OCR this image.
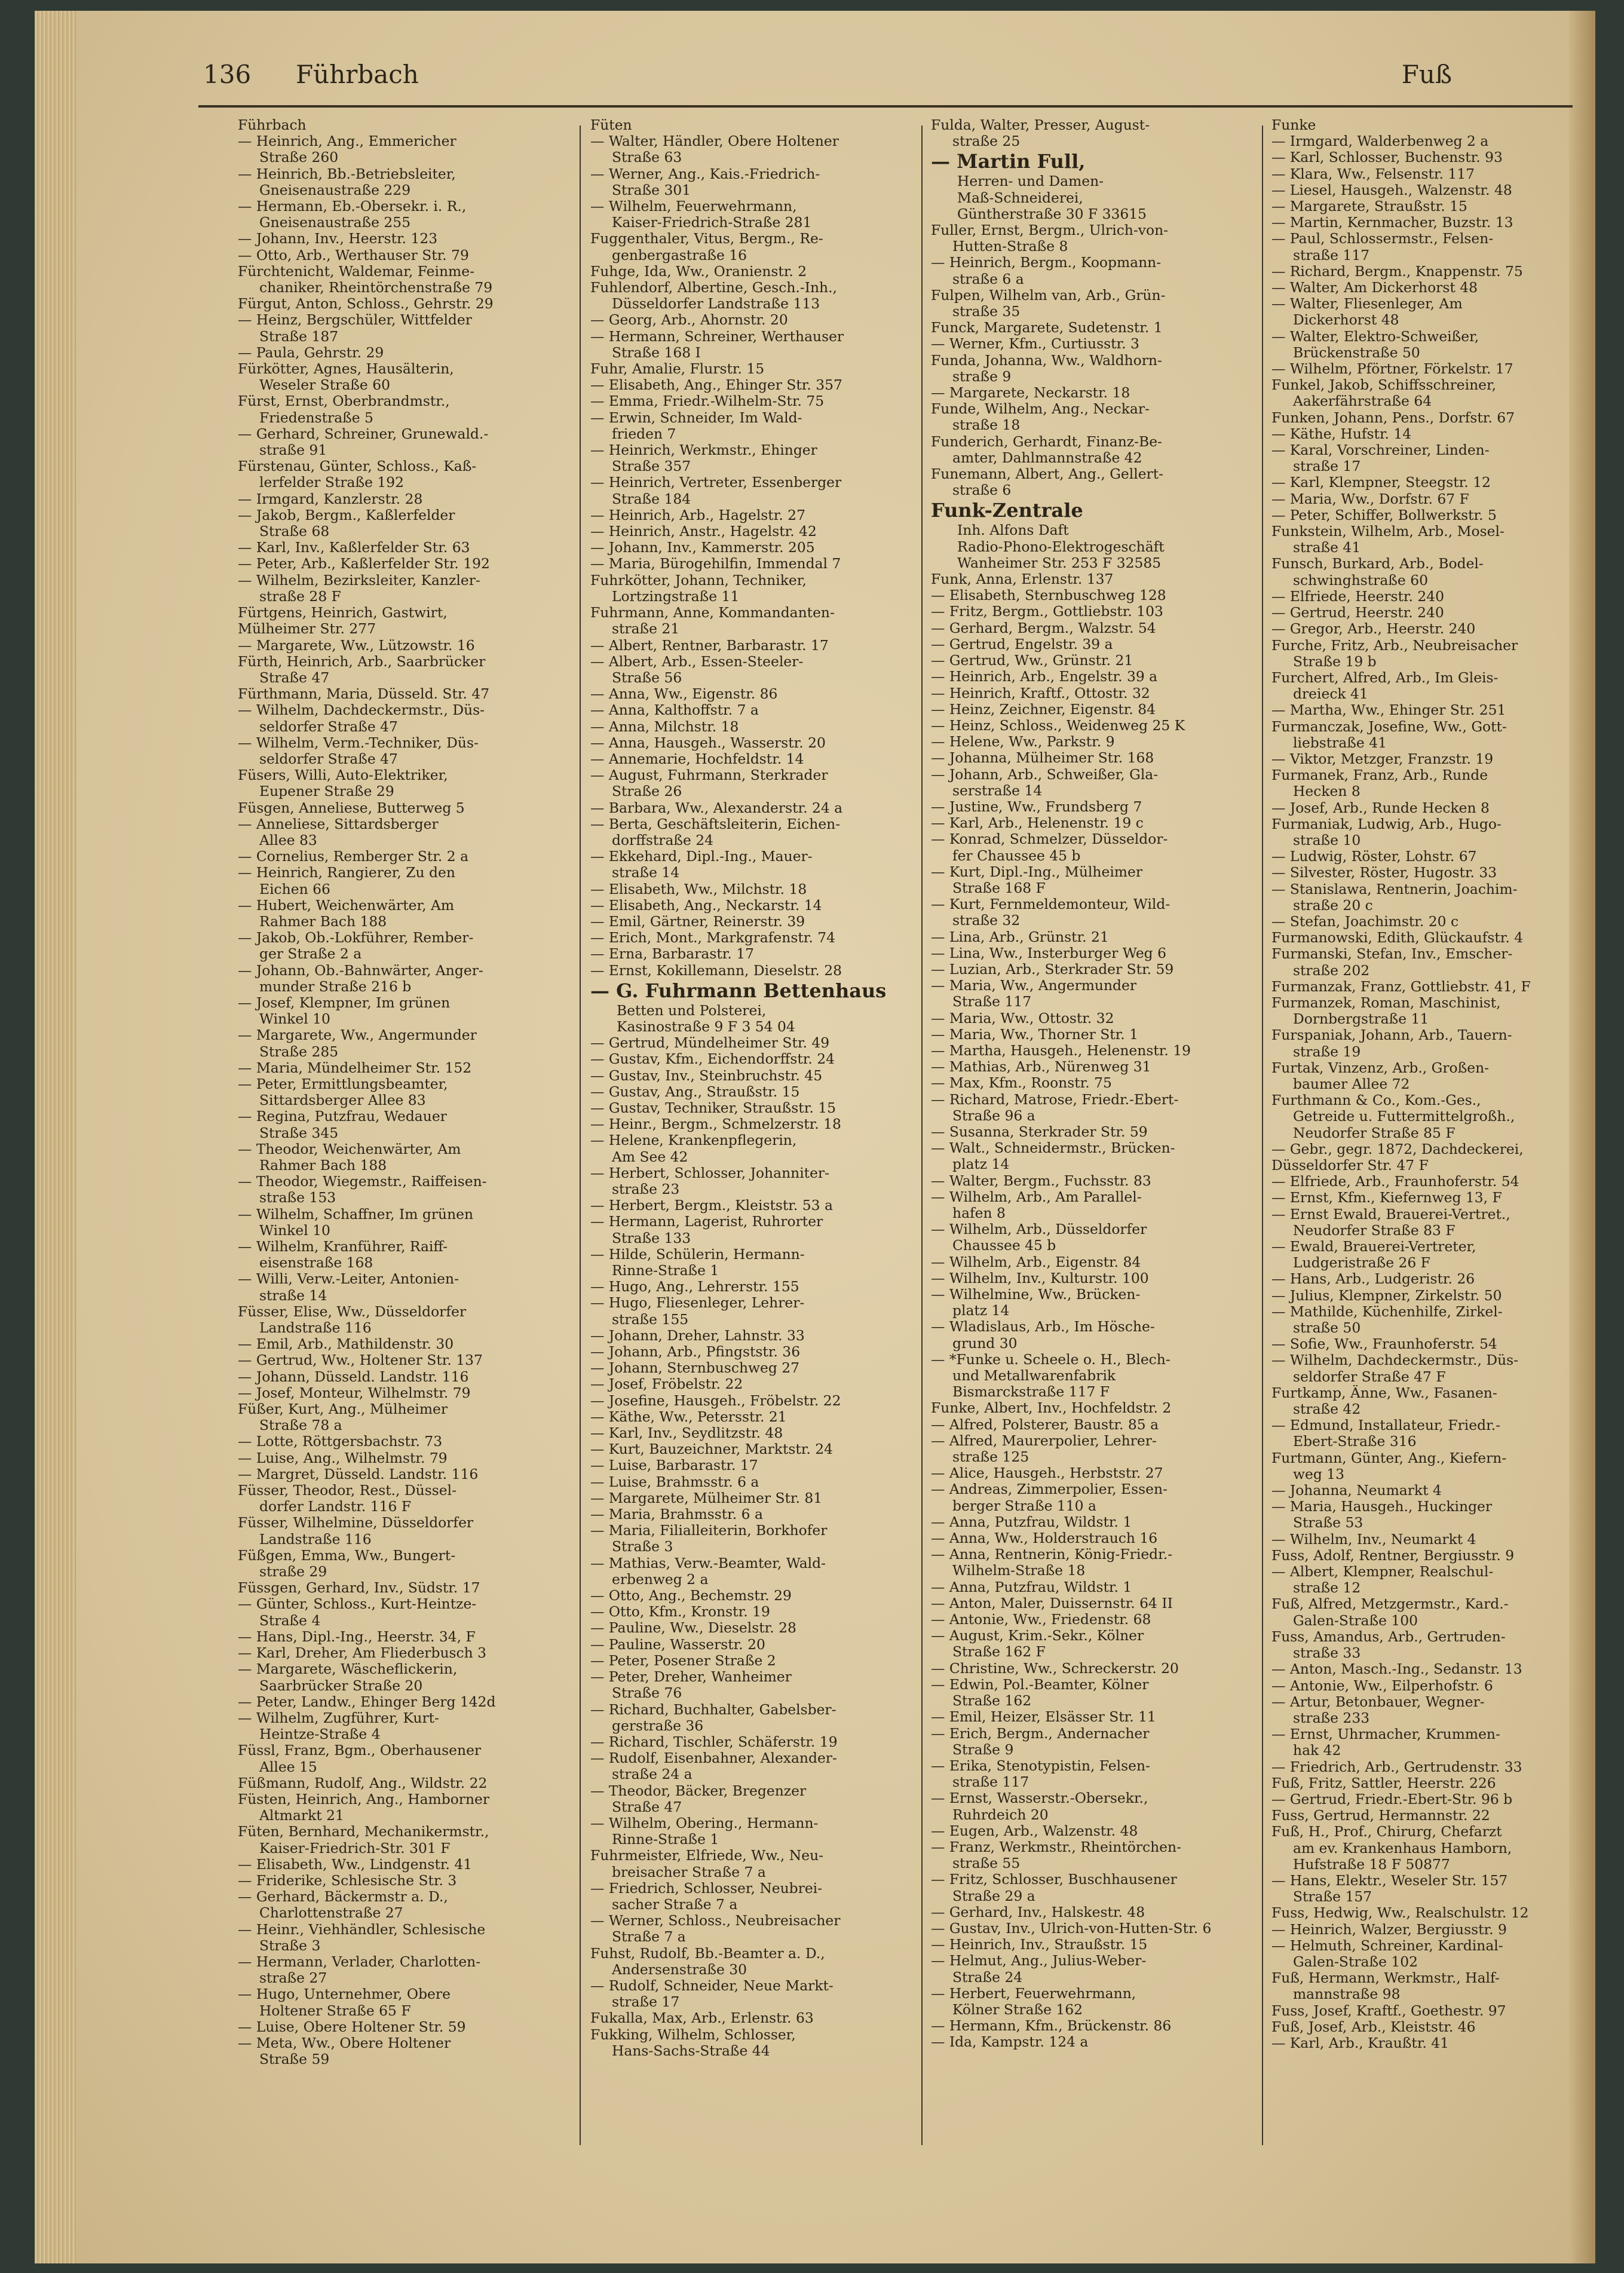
136 Führbach	Fuß
Führbach
— Heinrich, Ang., Emmericher
Straße 260
— Heinrich, Bb.-Betriebsleiter,
Gneisenaustraße 229
— Hermann, Eb.-Obersekr. i. R.,
Gneisenaustraße 255
— Johann, Inv., Heerstr. 123
— Otto, Arb., Werthauser Str. 79
Fürchtenicht, Waldemar, Feinme-
chaniker, Rheintörchenstraße 79
Fürgut, Anton, Schloss., Gehrstr. 29
— Heinz, Bergschüler, Wittfelder
Straße 187
— Paula, Gehrstr. 29
Fürkötter, Agnes, Hausälterin,
Weseler Straße 60
Fürst, Ernst, Oberbrandmstr.,
Friedenstraße 5
— Gerhard, Schreiner, Grunewald.-
straße 91
Fürstenau, Günter, Schloss., Kaß-
lerfelder Straße 192
— Irmgard, Kanzlerstr. 28
— Jakob, Bergm., Kaßlerfelder
Straße 68
— Karl, Inv., Kaßlerfelder Str. 63
— Peter, Arb., Kaßlerfelder Str. 192
— Wilhelm, Bezirksleiter, Kanzler-
straße 28 F
Fürtgens, Heinrich, Gastwirt,
Mülheimer Str. 277
— Margarete, Ww., Lützowstr. 16
Fürth, Heinrich, Arb., Saarbrücker
Straße 47
Fürthmann, Maria, Düsseld. Str. 47
— Wilhelm, Dachdeckermstr., Düs-
seldorfer Straße 47
— Wilhelm, Verm.-Techniker, Düs-
seldorfer Straße 47
Füsers, Willi, Auto-Elektriker,
Eupener Straße 29
Füsgen, Anneliese, Butterweg 5
— Anneliese, Sittardsberger
Allee 83
— Cornelius, Remberger Str. 2 a
— Heinrich, Rangierer, Zu den
Eichen 66
— Hubert, Weichenwärter, Am
Rahmer Bach 188
— Jakob, Ob.-Lokführer, Rember-
ger Straße 2 a
— Johann, Ob.-Bahnwärter, Anger-
munder Straße 216 b
— Josef, Klempner, Im grünen
Winkel 10
— Margarete, Ww., Angermunder
Straße 285
— Maria, Mündelheimer Str. 152
— Peter, Ermittlungsbeamter,
Sittardsberger Allee 83
— Regina, Putzfrau, Wedauer
Straße 345
— Theodor, Weichenwärter, Am
Rahmer Bach 188
— Theodor, Wiegemstr., Raiffeisen-
straße 153
— Wilhelm, Schaffner, Im grünen
Winkel 10
— Wilhelm, Kranführer, Raiff-
eisenstraße 168
— Willi, Verw.-Leiter, Antonien-
straße 14
Füsser, Elise, Ww., Düsseldorfer
Landstraße 116
— Emil, Arb., Mathildenstr. 30
— Gertrud, Ww., Holtener Str. 137
— Johann, Düsseld. Landstr. 116
— Josef, Monteur, Wilhelmstr. 79
Füßer, Kurt, Ang., Mülheimer
Straße 78 a
— Lotte, Röttgersbachstr. 73
— Luise, Ang., Wilhelmstr. 79
— Margret, Düsseld. Landstr. 116
Füsser, Theodor, Rest., Düssel-
dorfer Landstr. 116 F
Füsser, Wilhelmine, Düsseldorfer
Landstraße 116
Füßgen, Emma, Ww., Bungert-
straße 29
Füssgen, Gerhard, Inv., Südstr. 17
— Günter, Schloss., Kurt-Heintze-
Straße 4
— Hans, Dipl.-Ing., Heerstr. 34, F
— Karl, Dreher, Am Fliederbusch 3
— Margarete, Wäscheflickerin,
Saarbrücker Straße 20
— Peter, Landw., Ehinger Berg 142d
— Wilhelm, Zugführer, Kurt-
Heintze-Straße 4
Füssl, Franz, Bgm., Oberhausener
Allee 15
Füßmann, Rudolf, Ang., Wildstr. 22
Füsten, Heinrich, Ang., Hamborner
Altmarkt 21
Füten, Bernhard, Mechanikermstr.,
Kaiser-Friedrich-Str. 301 F
— Elisabeth, Ww., Lindgenstr. 41
— Friderike, Schlesische Str. 3
— Gerhard, Bäckermstr a. D.,
Charlottenstraße 27
— Heinr., Viehhändler, Schlesische
Straße 3
— Hermann, Verlader, Charlotten-
straße 27
— Hugo, Unternehmer, Obere
Holtener Straße 65 F
— Luise, Obere Holtener Str. 59
— Meta, Ww., Obere Holtener
Straße 59
Füten
— Walter, Händler, Obere Holtener
Straße 63
— Werner, Ang., Kais.-Friedrich-
Straße 301
— Wilhelm, Feuerwehrmann,
Kaiser-Friedrich-Straße 281
Fuggenthaler, Vitus, Bergm., Re-
genbergastraße 16
Fuhge, Ida, Ww., Oranienstr. 2
Fuhlendorf, Albertine, Gesch.-Inh.,
Düsseldorfer Landstraße 113
— Georg, Arb., Ahornstr. 20
— Hermann, Schreiner, Werthauser
Straße 168 I
Fuhr, Amalie, Flurstr. 15
— Elisabeth, Ang., Ehinger Str. 357
— Emma, Friedr.-Wilhelm-Str. 75
— Erwin, Schneider, Im Wald-
frieden 7
— Heinrich, Werkmstr., Ehinger
Straße 357
— Heinrich, Vertreter, Essenberger
Straße 184
— Heinrich, Arb., Hagelstr. 27
— Heinrich, Anstr., Hagelstr. 42
— Johann, Inv., Kammerstr. 205
— Maria, Bürogehilfin, Immendal 7
Fuhrkötter, Johann, Techniker,
Lortzingstraße 11
Fuhrmann, Anne, Kommandanten-
straße 21
— Albert, Rentner, Barbarastr. 17
— Albert, Arb., Essen-Steeler-
Straße 56
— Anna, Ww., Eigenstr. 86
— Anna, Kalthoffstr. 7 a
— Anna, Milchstr. 18
— Anna, Hausgeh., Wasserstr. 20
— Annemarie, Hochfeldstr. 14
— August, Fuhrmann, Sterkrader
Straße 26
— Barbara, Ww., Alexanderstr. 24 a
— Berta, Geschäftsleiterin, Eichen-
dorffstraße 24
— Ekkehard, Dipl.-Ing., Mauer-
straße 14
— Elisabeth, Ww., Milchstr. 18
— Elisabeth, Ang., Neckarstr. 14
— Emil, Gärtner, Reinerstr. 39
— Erich, Mont., Markgrafenstr. 74
— Erna, Barbarastr. 17
— Ernst, Kokillemann, Dieselstr. 28
— G. Fuhrmann Bettenhaus
Betten und Polsterei,
Kasinostraße 9 F 3 54 04
— Gertrud, Mündelheimer Str. 49
— Gustav, Kfm., Eichendorffstr. 24
— Gustav, Inv., Steinbruchstr. 45
— Gustav, Ang., Straußstr. 15
— Gustav, Techniker, Straußstr. 15
— Heinr., Bergm., Schmelzerstr. 18
— Helene, Krankenpflegerin,
Am See 42
— Herbert, Schlosser, Johanniter-
straße 23
— Herbert, Bergm., Kleiststr. 53 a
— Hermann, Lagerist, Ruhrorter
Straße 133
— Hilde, Schülerin, Hermann-
Rinne-Straße 1
— Hugo, Ang., Lehrerstr. 155
— Hugo, Fliesenleger, Lehrer-
straße 155
— Johann, Dreher, Lahnstr. 33
— Johann, Arb., Pfingststr. 36
— Johann, Sternbuschweg 27
— Josef, Fröbelstr. 22
— Josefine, Hausgeh., Fröbelstr. 22
— Käthe, Ww., Petersstr. 21
— Karl, Inv., Seydlitzstr. 48
— Kurt, Bauzeichner, Marktstr. 24
— Luise, Barbarastr. 17
— Luise, Brahmsstr. 6 a
— Margarete, Mülheimer Str. 81
— Maria, Brahmsstr. 6 a
— Maria, Filialleiterin, Borkhofer
Straße 3
— Mathias, Verw.-Beamter, Wald-
erbenweg 2 a
— Otto, Ang., Bechemstr. 29
— Otto, Kfm., Kronstr. 19
— Pauline, Ww., Dieselstr. 28
— Pauline, Wasserstr. 20
— Peter, Posener Straße 2
— Peter, Dreher, Wanheimer
Straße 76
— Richard, Buchhalter, Gabelsber-
gerstraße 36
— Richard, Tischler, Schäferstr. 19
— Rudolf, Eisenbahner, Alexander-
straße 24 a
— Theodor, Bäcker, Bregenzer
Straße 47
— Wilhelm, Obering., Hermann-
Rinne-Straße 1
Fuhrmeister, Elfriede, Ww., Neu-
breisacher Straße 7 a
— Friedrich, Schlosser, Neubrei-
sacher Straße 7 a
— Werner, Schloss., Neubreisacher
Straße 7 a
Fuhst, Rudolf, Bb.-Beamter a. D.,
Andersenstraße 30
— Rudolf, Schneider, Neue Markt-
straße 17
Fukalla, Max, Arb., Erlenstr. 63
Fukking, Wilhelm, Schlosser,
Hans-Sachs-Straße 44
Fulda, Walter, Presser, August-
straße 25
— Martin Full,
Herren- und Damen-
Maß-Schneiderei,
Güntherstraße 30 F 33615
Fuller, Ernst, Bergm., Ulrich-von-
Hutten-Straße 8
— Heinrich, Bergm., Koopmann-
straße 6 a
Fulpen, Wilhelm van, Arb., Grün-
straße 35
Funck, Margarete, Sudetenstr. 1
— Werner, Kfm., Curtiusstr. 3
Funda, Johanna, Ww., Waldhorn-
straße 9
— Margarete, Neckarstr. 18
Funde, Wilhelm, Ang., Neckar-
straße 18
Funderich, Gerhardt, Finanz-Be-
amter, Dahlmannstraße 42
Funemann, Albert, Ang., Gellert-
straße 6
Funk-Zentrale
Inh. Alfons Daft
Radio-Phono-Elektrogeschäft
Wanheimer Str. 253 F 32585
Funk, Anna, Erlenstr. 137
— Elisabeth, Sternbuschweg 128
— Fritz, Bergm., Gottliebstr. 103
— Gerhard, Bergm., Walzstr. 54
— Gertrud, Engelstr. 39 a
— Gertrud, Ww., Grünstr. 21
— Heinrich, Arb., Engelstr. 39 a
— Heinrich, Kraftf., Ottostr. 32
— Heinz, Zeichner, Eigenstr. 84
— Heinz, Schloss., Weidenweg 25 K
— Helene, Ww., Parkstr. 9
— Johanna, Mülheimer Str. 168
— Johann, Arb., Schweißer, Gla-
serstraße 14
— Justine, Ww., Frundsberg 7
— Karl, Arb., Helenenstr. 19 c
— Konrad, Schmelzer, Düsseldor-
fer Chaussee 45 b
— Kurt, Dipl.-Ing., Mülheimer
Straße 168 F
— Kurt, Fernmeldemonteur, Wild-
straße 32
— Lina, Arb., Grünstr. 21
— Lina, Ww., Insterburger Weg 6
— Luzian, Arb., Sterkrader Str. 59
— Maria, Ww., Angermunder
Straße 117
— Maria, Ww., Ottostr. 32
— Maria, Ww., Thorner Str. 1
— Martha, Hausgeh., Helenenstr. 19
— Mathias, Arb., Nürenweg 31
— Max, Kfm., Roonstr. 75
— Richard, Matrose, Friedr.-Ebert-
Straße 96 a
— Susanna, Sterkrader Str. 59
— Walt., Schneidermstr., Brücken-
platz 14
— Walter, Bergm., Fuchsstr. 83
— Wilhelm, Arb., Am Parallel-
hafen 8
— Wilhelm, Arb., Düsseldorfer
Chaussee 45 b
— Wilhelm, Arb., Eigenstr. 84
— Wilhelm, Inv., Kulturstr. 100
— Wilhelmine, Ww., Brücken-
platz 14
— Wladislaus, Arb., Im Hösche-
grund 30
— *Funke u. Scheele o. H., Blech-
und Metallwarenfabrik
Bismarckstraße 117 F
Funke, Albert, Inv., Hochfeldstr. 2
— Alfred, Polsterer, Baustr. 85 a
— Alfred, Maurerpolier, Lehrer-
straße 125
— Alice, Hausgeh., Herbststr. 27
— Andreas, Zimmerpolier, Essen-
berger Straße 110 a
— Anna, Putzfrau, Wildstr. 1
— Anna, Ww., Holderstrauch 16
— Anna, Rentnerin, König-Friedr.-
Wilhelm-Straße 18
— Anna, Putzfrau, Wildstr. 1
— Anton, Maler, Duissernstr. 64 II
— Antonie, Ww., Friedenstr. 68
— August, Krim.-Sekr., Kölner
Straße 162 F
— Christine, Ww., Schreckerstr. 20
— Edwin, Pol.-Beamter, Kölner
Straße 162
— Emil, Heizer, Elsässer Str. 11
— Erich, Bergm., Andernacher
Straße 9
— Erika, Stenotypistin, Felsen-
straße 117
— Ernst, Wasserstr.-Obersekr.,
Ruhrdeich 20
— Eugen, Arb., Walzenstr. 48
— Franz, Werkmstr., Rheintörchen-
straße 55
— Fritz, Schlosser, Buschhausener
Straße 29 a
— Gerhard, Inv., Halskestr. 48
— Gustav, Inv., Ulrich-von-Hutten-Str. 6
— Heinrich, Inv., Straußstr. 15
— Helmut, Ang., Julius-Weber-
Straße 24
— Herbert, Feuerwehrmann,
Kölner Straße 162
— Hermann, Kfm., Brückenstr. 86
— Ida, Kampstr. 124 a
Funke
— Irmgard, Walderbenweg 2 a
— Karl, Schlosser, Buchenstr. 93
— Klara, Ww., Felsenstr. 117
— Liesel, Hausgeh., Walzenstr. 48
— Margarete, Straußstr. 15
— Martin, Kernmacher, Buzstr. 13
— Paul, Schlossermstr., Felsen-
straße 117
— Richard, Bergm., Knappenstr. 75
— Walter, Am Dickerhorst 48
— Walter, Fliesenleger, Am
Dickerhorst 48
— Walter, Elektro-Schweißer,
Brückenstraße 50
— Wilhelm, Pförtner, Förkelstr. 17
Funkel, Jakob, Schiffsschreiner,
Aakerfährstraße 64
Funken, Johann, Pens., Dorfstr. 67
— Käthe, Hufstr. 14
— Karal, Vorschreiner, Linden-
straße 17
— Karl, Klempner, Steegstr. 12
— Maria, Ww., Dorfstr. 67 F
— Peter, Schiffer, Bollwerkstr. 5
Funkstein, Wilhelm, Arb., Mosel-
straße 41
Funsch, Burkard, Arb., Bodel-
schwinghstraße 60
— Elfriede, Heerstr. 240
— Gertrud, Heerstr. 240
— Gregor, Arb., Heerstr. 240
Furche, Fritz, Arb., Neubreisacher
Straße 19 b
Furchert, Alfred, Arb., Im Gleis-
dreieck 41
— Martha, Ww., Ehinger Str. 251
Furmanczak, Josefine, Ww., Gott-
liebstraße 41
— Viktor, Metzger, Franzstr. 19
Furmanek, Franz, Arb., Runde
Hecken 8
— Josef, Arb., Runde Hecken 8
Furmaniak, Ludwig, Arb., Hugo-
straße 10
— Ludwig, Röster, Lohstr. 67
— Silvester, Röster, Hugostr. 33
— Stanislawa, Rentnerin, Joachim-
straße 20 c
— Stefan, Joachimstr. 20 c
Furmanowski, Edith, Glückaufstr. 4
Furmanski, Stefan, Inv., Emscher-
straße 202
Furmanzak, Franz, Gottliebstr. 41, F
Furmanzek, Roman, Maschinist,
Dornbergstraße 11
Furspaniak, Johann, Arb., Tauern-
straße 19
Furtak, Vinzenz, Arb., Großen-
baumer Allee 72
Furthmann & Co., Kom.-Ges.,
Getreide u. Futtermittelgroßh.,
Neudorfer Straße 85 F
— Gebr., gegr. 1872, Dachdeckerei,
Düsseldorfer Str. 47 F
— Elfriede, Arb., Fraunhoferstr. 54
— Ernst, Kfm., Kiefernweg 13, F
— Ernst Ewald, Brauerei-Vertret.,
Neudorfer Straße 83 F
— Ewald, Brauerei-Vertreter,
Ludgeristraße 26 F
— Hans, Arb., Ludgeristr. 26
— Julius, Klempner, Zirkelstr. 50
— Mathilde, Küchenhilfe, Zirkel-
straße 50
— Sofie, Ww., Fraunhoferstr. 54
— Wilhelm, Dachdeckermstr., Düs-
seldorfer Straße 47 F
Furtkamp, Änne, Ww., Fasanen-
straße 42
— Edmund, Installateur, Friedr.-
Ebert-Straße 316
Furtmann, Günter, Ang., Kiefern-
weg 13
— Johanna, Neumarkt 4
— Maria, Hausgeh., Huckinger
Straße 53
— Wilhelm, Inv., Neumarkt 4
Fuss, Adolf, Rentner, Bergiusstr. 9
— Albert, Klempner, Realschul-
straße 12
Fuß, Alfred, Metzgermstr., Kard.-
Galen-Straße 100
Fuss, Amandus, Arb., Gertruden-
straße 33
— Anton, Masch.-Ing., Sedanstr. 13
— Antonie, Ww., Eilperhofstr. 6
— Artur, Betonbauer, Wegner-
straße 233
— Ernst, Uhrmacher, Krummen-
hak 42
— Friedrich, Arb., Gertrudenstr. 33
Fuß, Fritz, Sattler, Heerstr. 226
— Gertrud, Friedr.-Ebert-Str. 96 b
Fuss, Gertrud, Hermannstr. 22
Fuß, H., Prof., Chirurg, Chefarzt
am ev. Krankenhaus Hamborn,
Hufstraße 18 F 50877
— Hans, Elektr., Weseler Str. 157
Straße 157
Fuss, Hedwig, Ww., Realschulstr. 12
— Heinrich, Walzer, Bergiusstr. 9
— Helmuth, Schreiner, Kardinal-
Galen-Straße 102
Fuß, Hermann, Werkmstr., Half-
mannstraße 98
Fuss, Josef, Kraftf., Goethestr. 97
Fuß, Josef, Arb., Kleiststr. 46
— Karl, Arb., Kraußtr. 41
